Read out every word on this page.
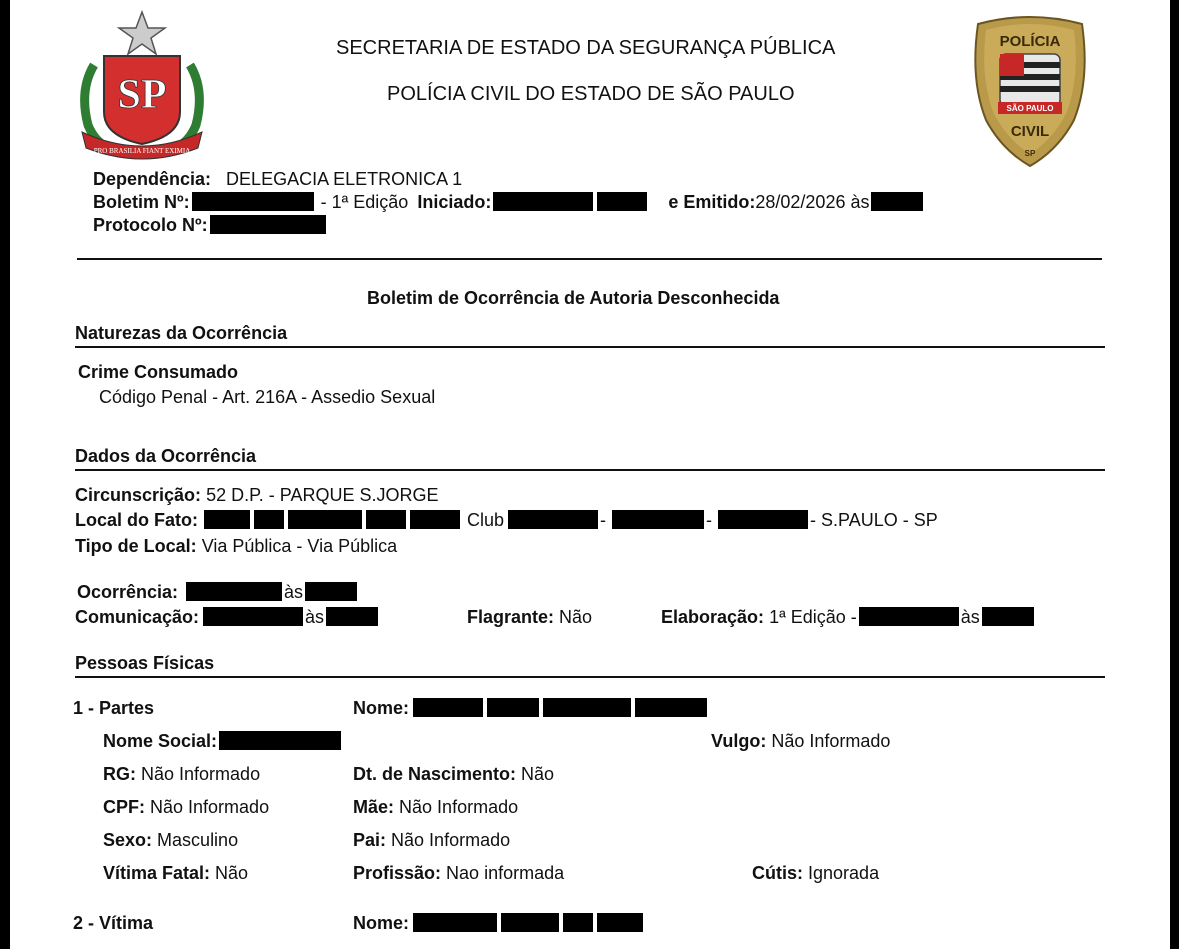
SP
PRO BRASILIA FIANT EXIMIA
POLÍCIA
SÃO PAULO
CIVIL
SP
SECRETARIA DE ESTADO DA SEGURANÇA PÚBLICA
POLÍCIA CIVIL DO ESTADO DE SÃO PAULO
Dependência: DELEGACIA ELETRONICA 1
Boletim Nº:	- 1ª Edição Iniciado:	e Emitido:28/02/2026 às
Protocolo Nº:
Boletim de Ocorrência de Autoria Desconhecida
Naturezas da Ocorrência
Crime Consumado
Código Penal - Art. 216A - Assedio Sexual
Dados da Ocorrência
Circunscrição: 52 D.P. - PARQUE S.JORGE
Local do Fato:	Club	-	-	- S.PAULO - SP
Tipo de Local: Via Pública - Via Pública
Ocorrência:	às
Comunicação:	às	Flagrante: Não	Elaboração: 1ª Edição -	às
Pessoas Físicas
1 - Partes	Nome:
Nome Social:	Vulgo: Não Informado
RG: Não Informado	Dt. de Nascimento: Não
CPF: Não Informado	Mãe: Não Informado
Sexo: Masculino	Pai: Não Informado
Vítima Fatal: Não	Profissão: Nao informada	Cútis: Ignorada
2 - Vítima	Nome:
